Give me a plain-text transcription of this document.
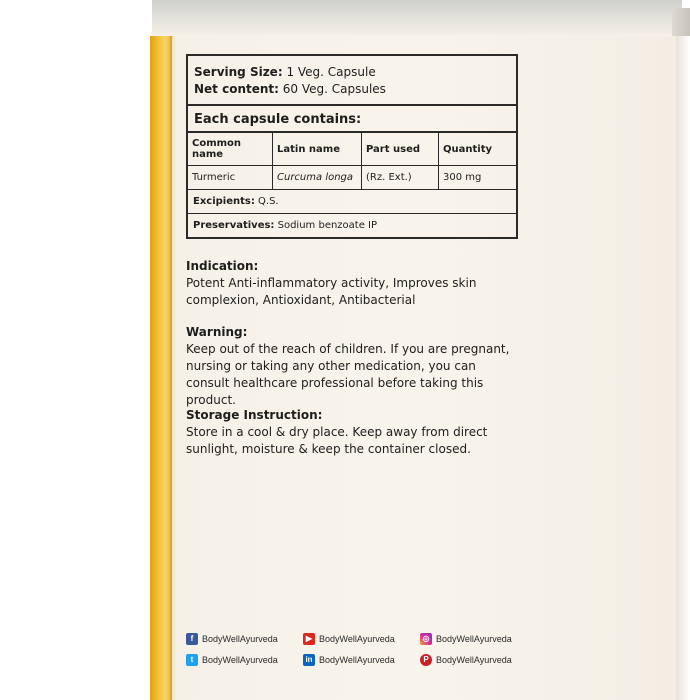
Serving Size: 1 Veg. Capsule
Net content: 60 Veg. Capsules
Each capsule contains:
Common name	Latin name	Part used	Quantity
Turmeric	Curcuma longa	(Rz. Ext.)	300 mg
Excipients: Q.S.
Preservatives: Sodium benzoate IP
Indication:

Potent Anti-inflammatory activity, Improves skin complexion, Antioxidant, Antibacterial

Warning:

Keep out of the reach of children. If you are pregnant, nursing or taking any other medication, you can consult healthcare professional before taking this product.

Storage Instruction:

Store in a cool & dry place. Keep away from direct sunlight, moisture & keep the container closed.

f BodyWellAyurveda	▶ BodyWellAyurveda	◎ BodyWellAyurveda
t BodyWellAyurveda	in BodyWellAyurveda	P BodyWellAyurveda
